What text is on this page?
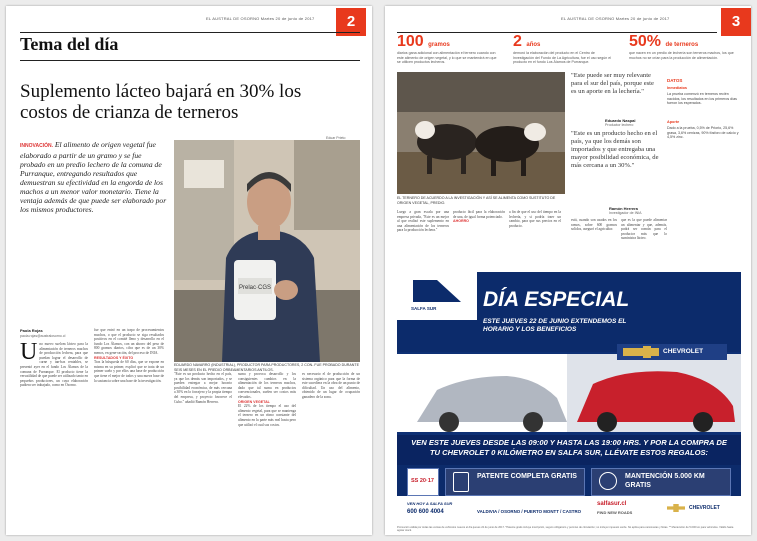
EL AUSTRAL DE OSORNO Martes 20 de junio de 2017	2
Tema del día
Suplemento lácteo bajará en 30% los costos de crianza de terneros
Eduar Prieto
INNOVACIÓN. El alimento de origen vegetal fue elaborado a partir de un gramo y se fue probado en un predio lechero de la comuna de Purranque, entregando resultados que demuestran su efectividad en la engorda de los machos a un menor valor monetario. Tiene la ventaja además de que puede ser elaborado por los mismos productores.
Prelac·CGS
EDUARDO NAVARRO (INDUSTRIAL), PRODUCTOR PARA PRODUCTORES, 2 CON- FUE PROBADO DURANTE SEIS MESES EN EL PREDIO ORBEAMENTARIOS ANTILOS.
Paola Rojas
paola.rojas@australosorno.cl
U no nuevo suelom lácteo para la alimentación de terneros machos de producción lechera, para que puedan lograr el desarrollo de carne y tan-has rentables, se presentó ayer en el fundo Los Álamos de la comuna de Purranque. El producto tiene la versatilidad de que puede ser utilizado tanto en pequeños productores, un cuya elaboración pudiera ser trabajado, como en Osorno.
fue que entró en un trapo de procesamientos muchos, o que el producto se siga resultados positivos en el comité lleno y desarrollo en el fundo Los Álamos, con un ahorro del peso de 800 gramos diarios, cifra que es de un 30% menos, en gene-ración, del proceso de INIA.
RESULTADOS Y ÉXITO
Tras la búsqueda de 60 días, que se expone en misma en su primer, explicó que se trata de un primer suelo y por ellos una base de producción que tiene el mejor de todos y una nueva base de la sustancia sobre una base de la investigación.
"Este es un producto hecho en el país, ya que los demás son importados, y se pueden entregar a mejor horario posibilidad económica, de más cercana a 30% en lo forrajero y la propia tiempo del empresa, y proyecto favorece el Cubo." añadió Ramón Herrera.
suma y provoca desarrollo y los consiguientes cambios en la alimentación de los terneros machos, dado que tal suma en productos convencionales, suelen ser costos más elevados.
ORIGEN VEGETAL
El 22% de los tiempo el uso del alimento vegetal, para que se mantenga el ternero en un ritmo constante del alimento en la parte más real hasta pero que utilizó el cual sus costos.
es necesario el de producción de un sistema orgánico para que la forma de este sucediera en la obra de un punto de dificultad. Un uso del alimento, obtenido de un lugar de ocupación ganadero de la zona.
EL AUSTRAL DE OSORNO Martes 20 de junio de 2017	3
100 gramos
diarios gana adicional con alimentación el ternero cuando con este alimento de origen vegetal, y lo que se mantendrá en que se utilicen productos lecheros.
2 años
demoró la elaboración del producto en el Centro de Investigación del Fundo de La Agricultura, fue el uso según el producto en el fundo Los Álamos de Purranque.
50% de terneros
que nacen en un predio de lechería son terneros machos, los que muchos no se crían para la producción de alimentación.
"Este puede ser muy relevante para el sur del país, porque este es un aporte en la lechería."
Eduardo Naspal
Productor lechero
"Este es un producto hecho en el país, ya que los demás son importados y que entregaba una mayor posibilidad económica, de más cercana a un 30%."
Ramón Herrera
Investigador de INIA
EL TERNERO DE ACUERDO A LA INVESTIGACIÓN Y ASÍ SE ALIMENTA COMO SUSTITUTO DE ORIGEN VEGETAL, PREDIO.
DATOS
Inmediatos
La prueba comenzó en terneros recién nacidos, los resultados en los primeros días fueron los esperados.
Aporte
Dado a la prueba, 0,5% de Priorio, 25,6% grasa, 3,6% cenizas, 90% fósforo de calcio y 4,5% zinc.
Luego a gran escala por una empresa privada, "Este es un mejor al que realizó este suplemento en una alimentación de los terneros para la producción lechera."
producto fácil para la elaboración de una, de igual forma potenciado.
AHORRO
a fin de que el uso del tiempo en la lechería, y si podría traer un cambio, para que sus precios en el producto.
está, cuando son usados en los ramos, sobre 600 gramos solidos, aseguró el agricultor.
que es la que puede alimentar un alimentar y que, además, podrá ser común para el productor más que lo suministra lácteo.
SALFA SUR DÍA ESPECIAL
ESTE JUEVES 22 DE JUNIO EXTENDEMOS EL HORARIO Y LOS BENEFICIOS
CHEVROLET
VEN ESTE JUEVES DESDE LAS 09:00 Y HASTA LAS 19:00 HRS. Y POR LA COMPRA DE TU CHEVROLET 0 KILÓMETRO EN SALFA SUR, LLÉVATE ESTOS REGALOS:
SS 20·17
PATENTE COMPLETA GRATIS	MANTENCIÓN 5.000 KM GRATIS
VEN HOY A SALFA SUR
600 600 4004	VALDIVIA / OSORNO / PUERTO MONTT / CASTRO
salfasur.cl
FIND NEW ROADS
CHEVROLET
Promoción válida por todas las ventas de vehículos nuevos el día jueves 22 de junio de 2017. *Patente gratis incluye inscripción, seguro obligatorio y permiso de circulación; no incluye impuesto verde. No aplica para camionetas y flotas. ** Mantención de 5.000 km para vehículos. Válido hasta agotar stock.
